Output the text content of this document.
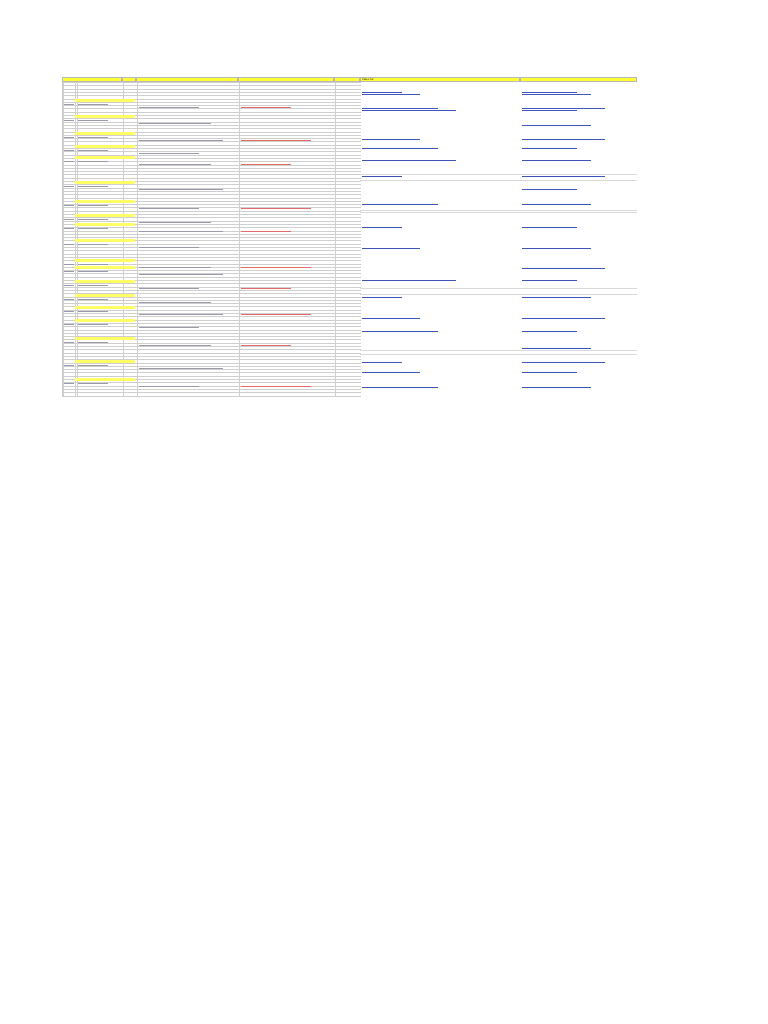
Index for
